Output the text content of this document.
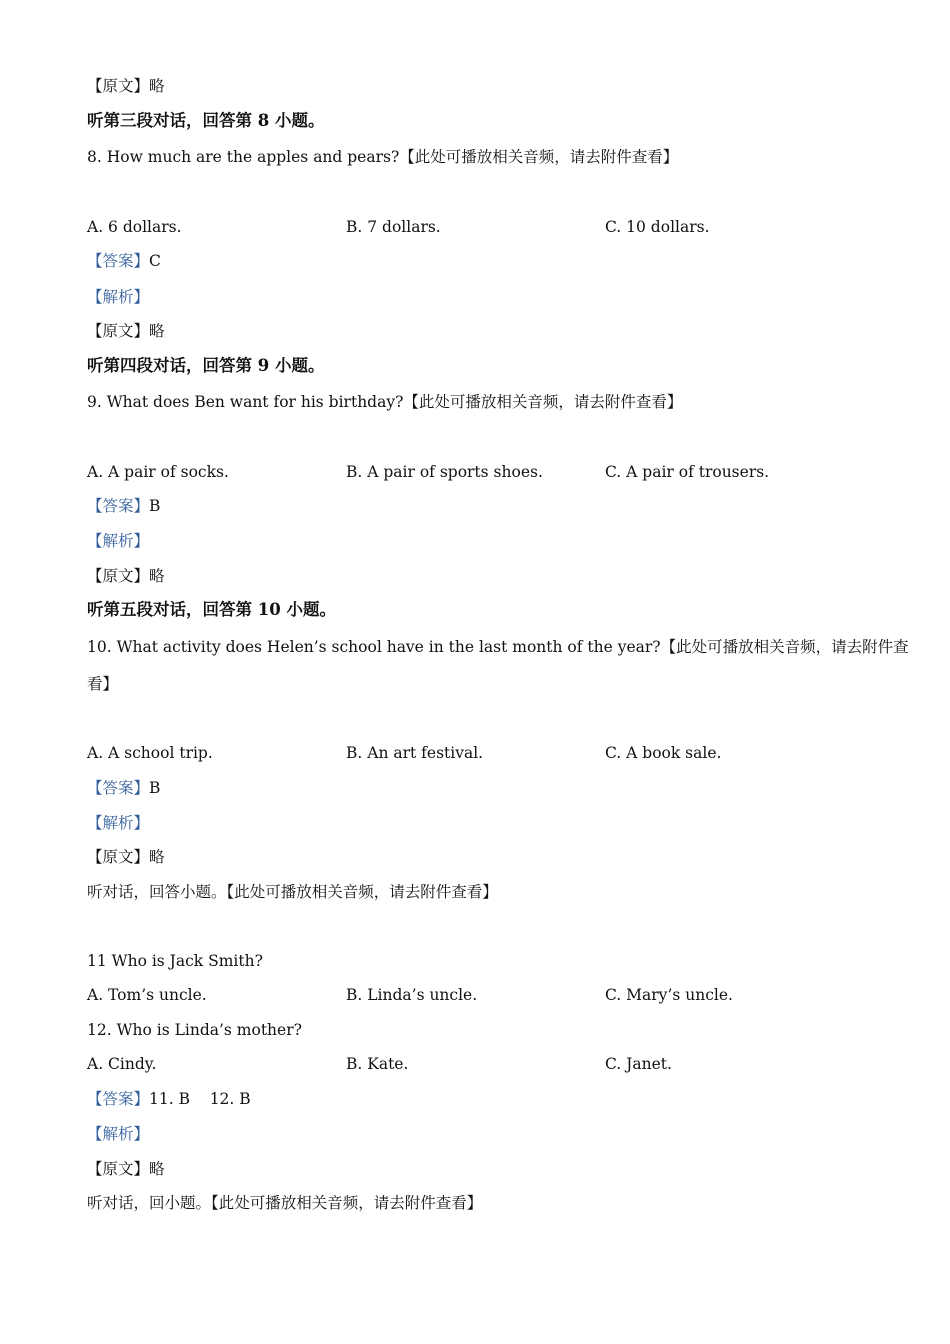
【原文】略
听第三段对话，回答第 8 小题。
8. How much are the apples and pears?【此处可播放相关音频，请去附件查看】
A. 6 dollars.	B. 7 dollars.	C. 10 dollars.
【答案】C
【解析】
【原文】略
听第四段对话，回答第 9 小题。
9. What does Ben want for his birthday?【此处可播放相关音频，请去附件查看】
A. A pair of socks.	B. A pair of sports shoes.	C. A pair of trousers.
【答案】B
【解析】
【原文】略
听第五段对话，回答第 10 小题。
10. What activity does Helen’s school have in the last month of the year?【此处可播放相关音频，请去附件查
看】
A. A school trip.	B. An art festival.	C. A book sale.
【答案】B
【解析】
【原文】略
听对话，回答小题。【此处可播放相关音频，请去附件查看】
11 Who is Jack Smith?
A. Tom’s uncle.	B. Linda’s uncle.	C. Mary’s uncle.
12. Who is Linda’s mother?
A. Cindy.	B. Kate.	C. Janet.
【答案】11. B    12. B
【解析】
【原文】略
听对话，回小题。【此处可播放相关音频，请去附件查看】
